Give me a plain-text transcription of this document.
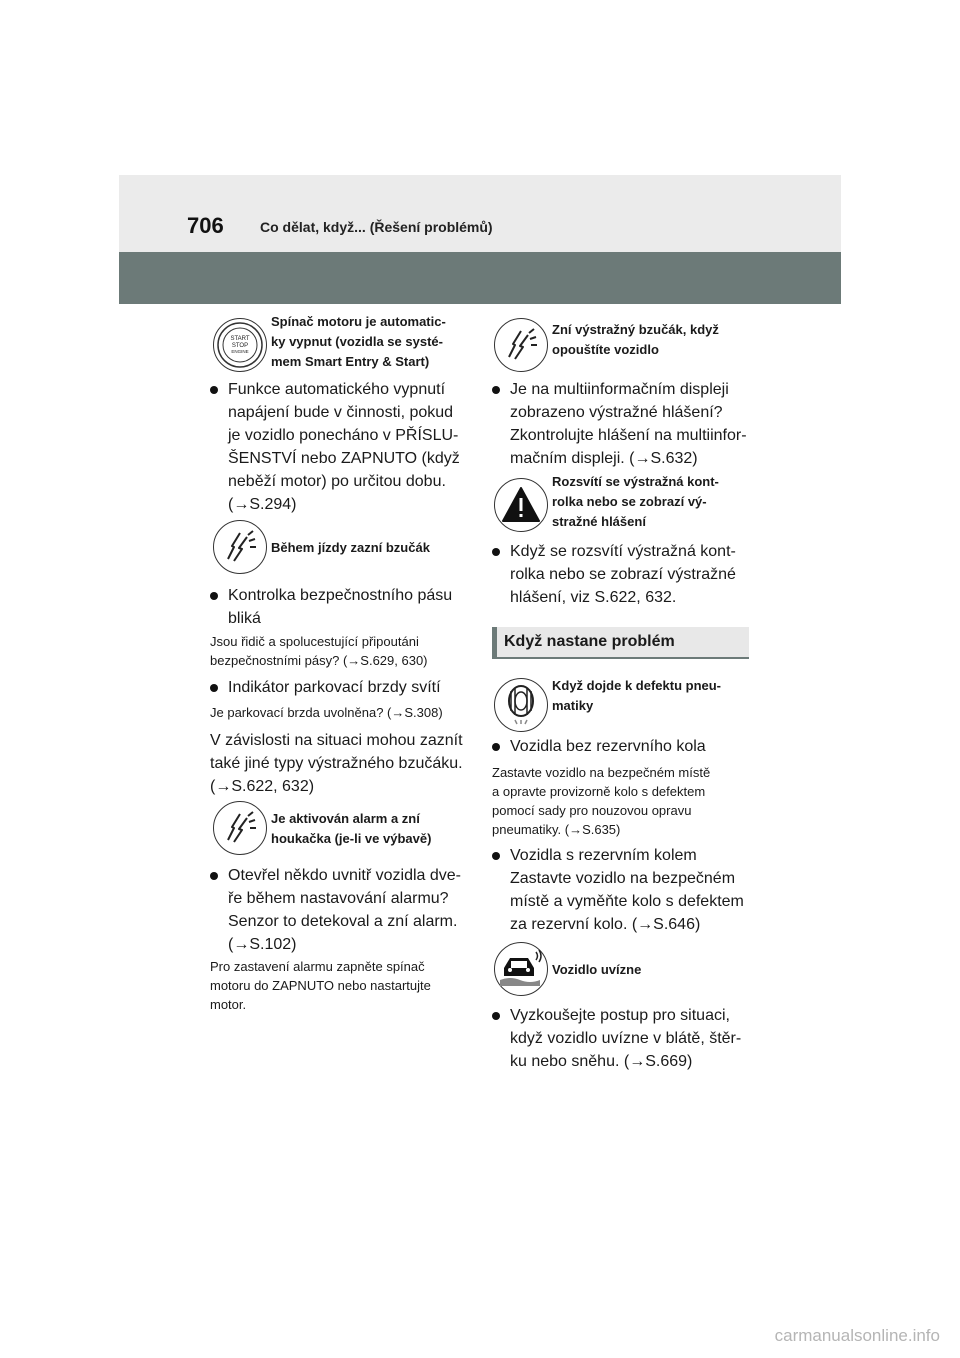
706	Co dělat, když... (Řešení problémů)
START
STOP
ENGINE
Spínač motoru je automatic-
ky vypnut (vozidla se systé-
mem Smart Entry & Start)
Funkce automatického vypnutí
napájení bude v činnosti, pokud
je vozidlo ponecháno v PŘÍSLU-
ŠENSTVÍ nebo ZAPNUTO (když
neběží motor) po určitou dobu.
(→S.294)
Během jízdy zazní bzučák
Kontrolka bezpečnostního pásu
bliká
Jsou řidič a spolucestující připoutáni
bezpečnostními pásy? (→S.629, 630)
Indikátor parkovací brzdy svítí
Je parkovací brzda uvolněna? (→S.308)
V závislosti na situaci mohou zaznít
také jiné typy výstražného bzučáku.
(→S.622, 632)
Je aktivován alarm a zní
houkačka (je-li ve výbavě)
Otevřel někdo uvnitř vozidla dve-
ře během nastavování alarmu?
Senzor to detekoval a zní alarm.
(→S.102)
Pro zastavení alarmu zapněte spínač
motoru do ZAPNUTO nebo nastartujte
motor.
Zní výstražný bzučák, když
opouštíte vozidlo
Je na multiinformačním displeji
zobrazeno výstražné hlášení?
Zkontrolujte hlášení na multiinfor-
mačním displeji. (→S.632)
Rozsvítí se výstražná kont-
rolka nebo se zobrazí vý-
stražné hlášení
Když se rozsvítí výstražná kont-
rolka nebo se zobrazí výstražné
hlášení, viz S.622, 632.
Když nastane problém
Když dojde k defektu pneu-
matiky
Vozidla bez rezervního kola
Zastavte vozidlo na bezpečném místě
a opravte provizorně kolo s defektem
pomocí sady pro nouzovou opravu
pneumatiky. (→S.635)
Vozidla s rezervním kolem
Zastavte vozidlo na bezpečném
místě a vyměňte kolo s defektem
za rezervní kolo. (→S.646)
Vozidlo uvízne
Vyzkoušejte postup pro situaci,
když vozidlo uvízne v blátě, štěr-
ku nebo sněhu. (→S.669)
carmanualsonline.info
